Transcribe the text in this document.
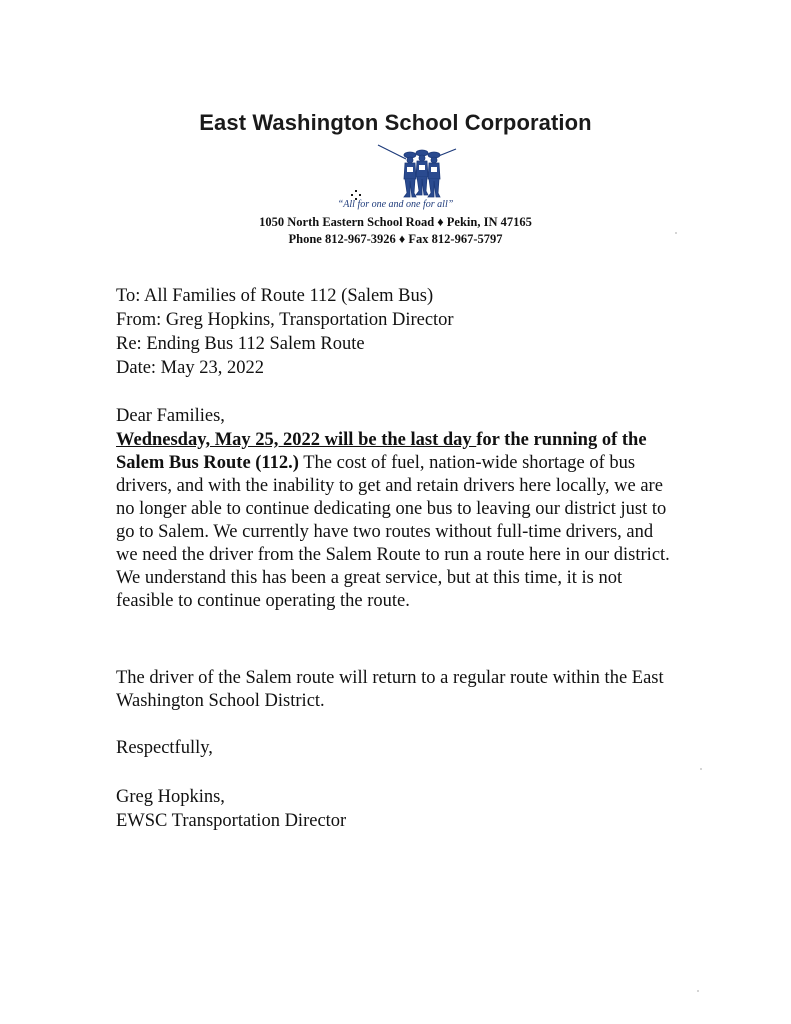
East Washington School Corporation
“All for one and one for all”
1050 North Eastern School Road ♦ Pekin, IN 47165
Phone 812-967-3926 ♦ Fax 812-967-5797
To: All Families of Route 112 (Salem Bus)
From: Greg Hopkins, Transportation Director
Re: Ending Bus 112 Salem Route
Date: May 23, 2022
Dear Families,
Wednesday, May 25, 2022 will be the last day for the running of the Salem Bus Route (112.) The cost of fuel, nation-wide shortage of bus drivers, and with the inability to get and retain drivers here locally, we are no longer able to continue dedicating one bus to leaving our district just to go to Salem. We currently have two routes without full-time drivers, and we need the driver from the Salem Route to run a route here in our district. We understand this has been a great service, but at this time, it is not feasible to continue operating the route.
The driver of the Salem route will return to a regular route within the East Washington School District.
Respectfully,
Greg Hopkins,
EWSC Transportation Director
